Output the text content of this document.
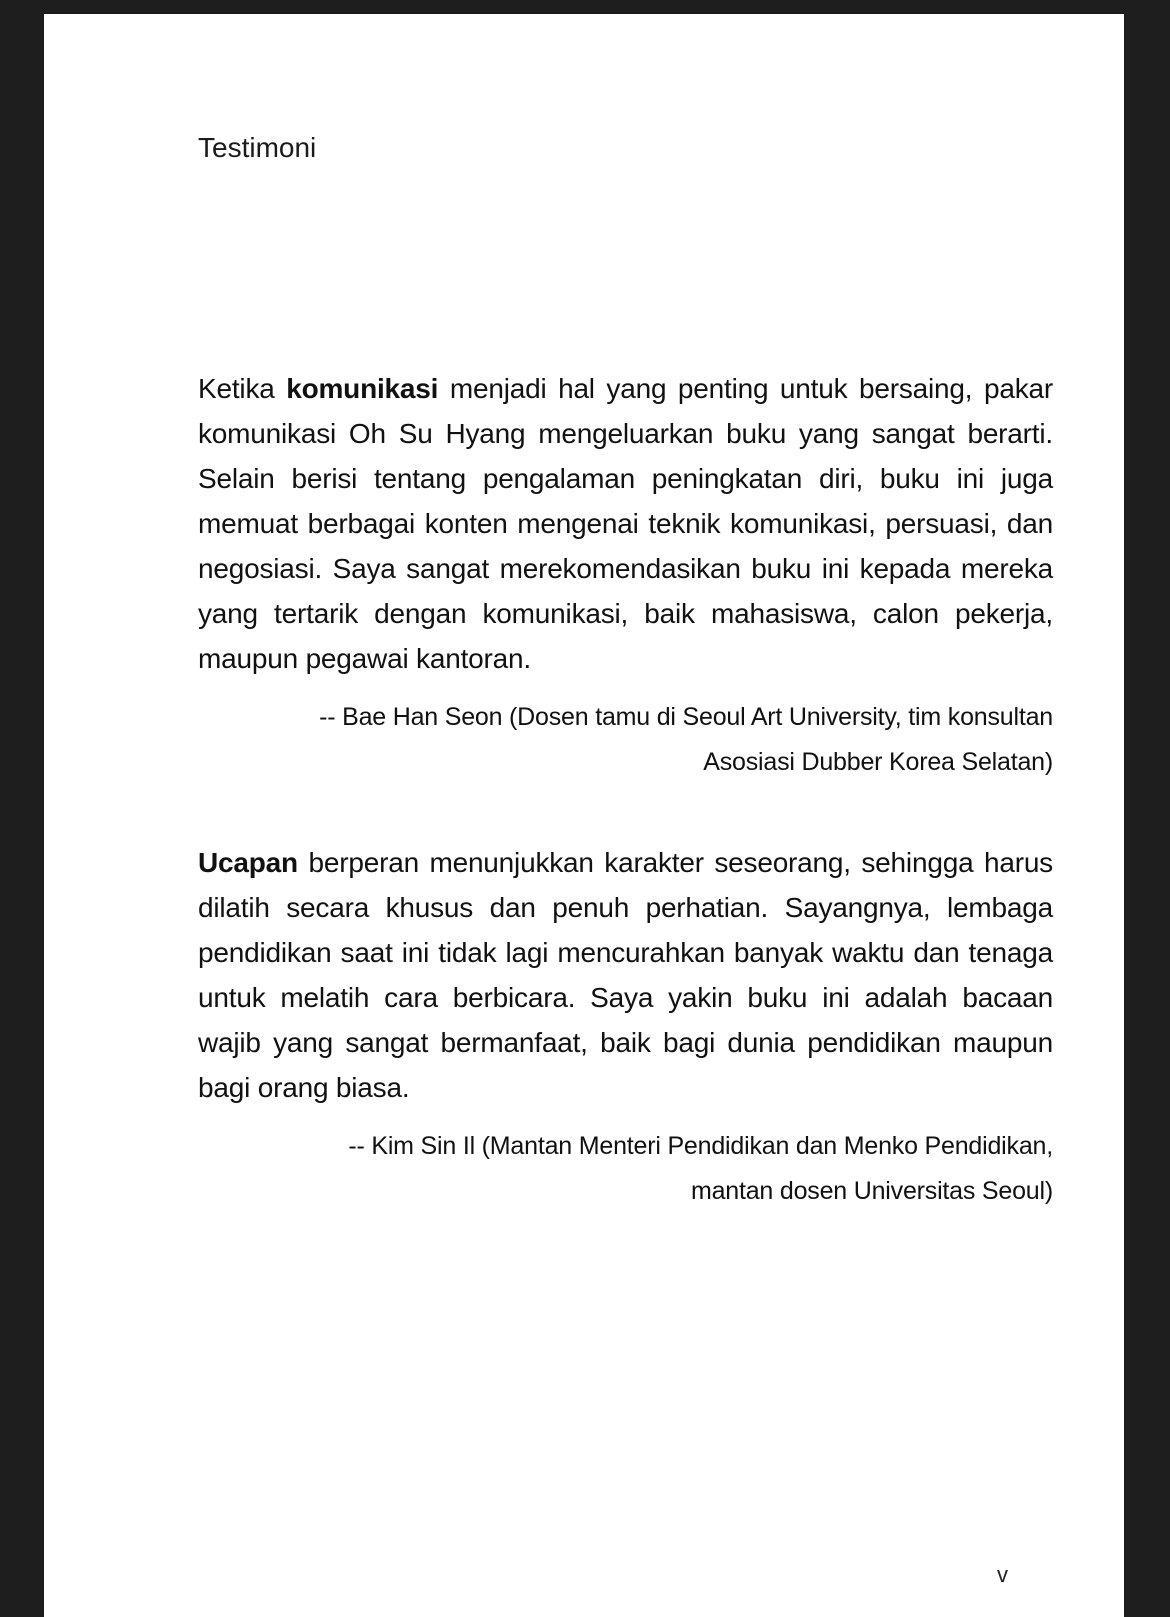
Testimoni

Ketika komunikasi menjadi hal yang penting untuk bersaing, pakar komunikasi Oh Su Hyang mengeluarkan buku yang sangat berarti. Selain berisi tentang pengalaman peningkatan diri, buku ini juga memuat berbagai konten mengenai teknik komunikasi, persuasi, dan negosiasi. Saya sangat merekomendasikan buku ini kepada mereka yang tertarik dengan komunikasi, baik mahasiswa, calon pekerja, maupun pegawai kantoran.

-- Bae Han Seon (Dosen tamu di Seoul Art University, tim konsultan
Asosiasi Dubber Korea Selatan)

Ucapan berperan menunjukkan karakter seseorang, sehingga harus dilatih secara khusus dan penuh perhatian. Sayangnya, lembaga pendidikan saat ini tidak lagi mencurahkan banyak waktu dan tenaga untuk melatih cara berbicara. Saya yakin buku ini adalah bacaan wajib yang sangat bermanfaat, baik bagi dunia pendidikan maupun bagi orang biasa.

-- Kim Sin Il (Mantan Menteri Pendidikan dan Menko Pendidikan,
mantan dosen Universitas Seoul)

v
